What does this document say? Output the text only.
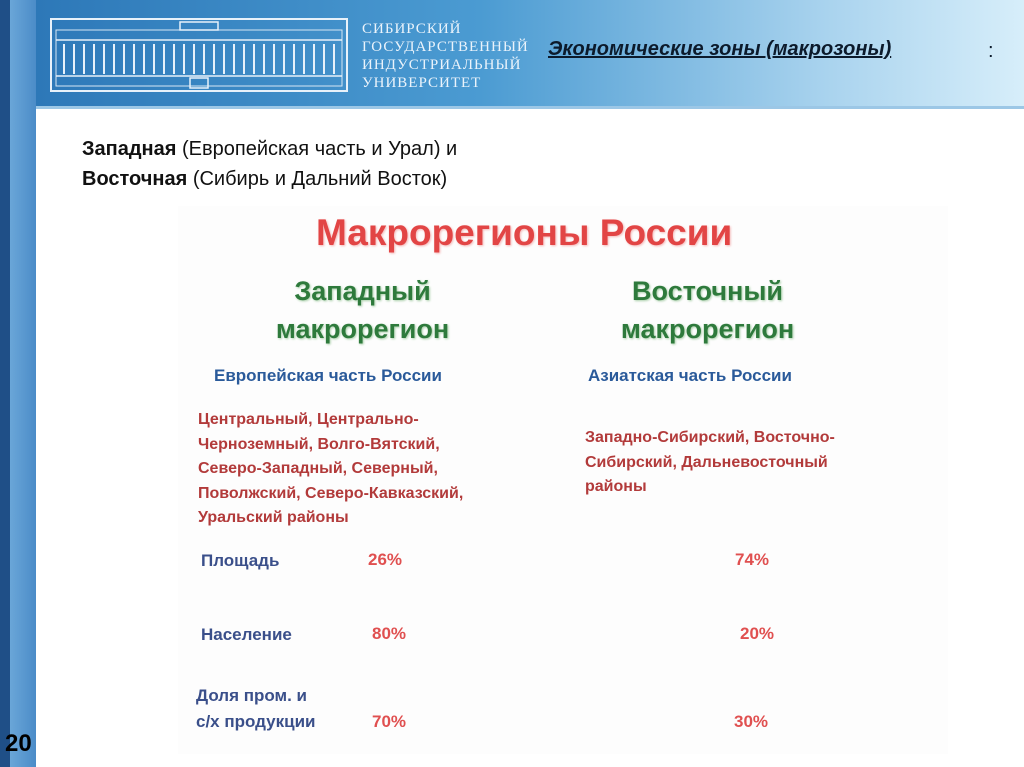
20
СИБИРСКИЙ
ГОСУДАРСТВЕННЫЙ
ИНДУСТРИАЛЬНЫЙ
УНИВЕРСИТЕТ
Экономические зоны (макрозоны)	:
Западная (Европейская часть и Урал) и
Восточная (Сибирь и Дальний Восток)
Макрорегионы России
Западный
макрорегион
Восточный
макрорегион
Европейская часть России	Азиатская часть России
Центральный, Центрально-
Черноземный, Волго-Вятский,
Северо-Западный, Северный,
Поволжский, Северо-Кавказский,
Уральский районы
Западно-Сибирский, Восточно-
Сибирский, Дальневосточный
районы
Площадь	26%	74%
Население	80%	20%
Доля пром. и
с/х продукции	70%	30%
